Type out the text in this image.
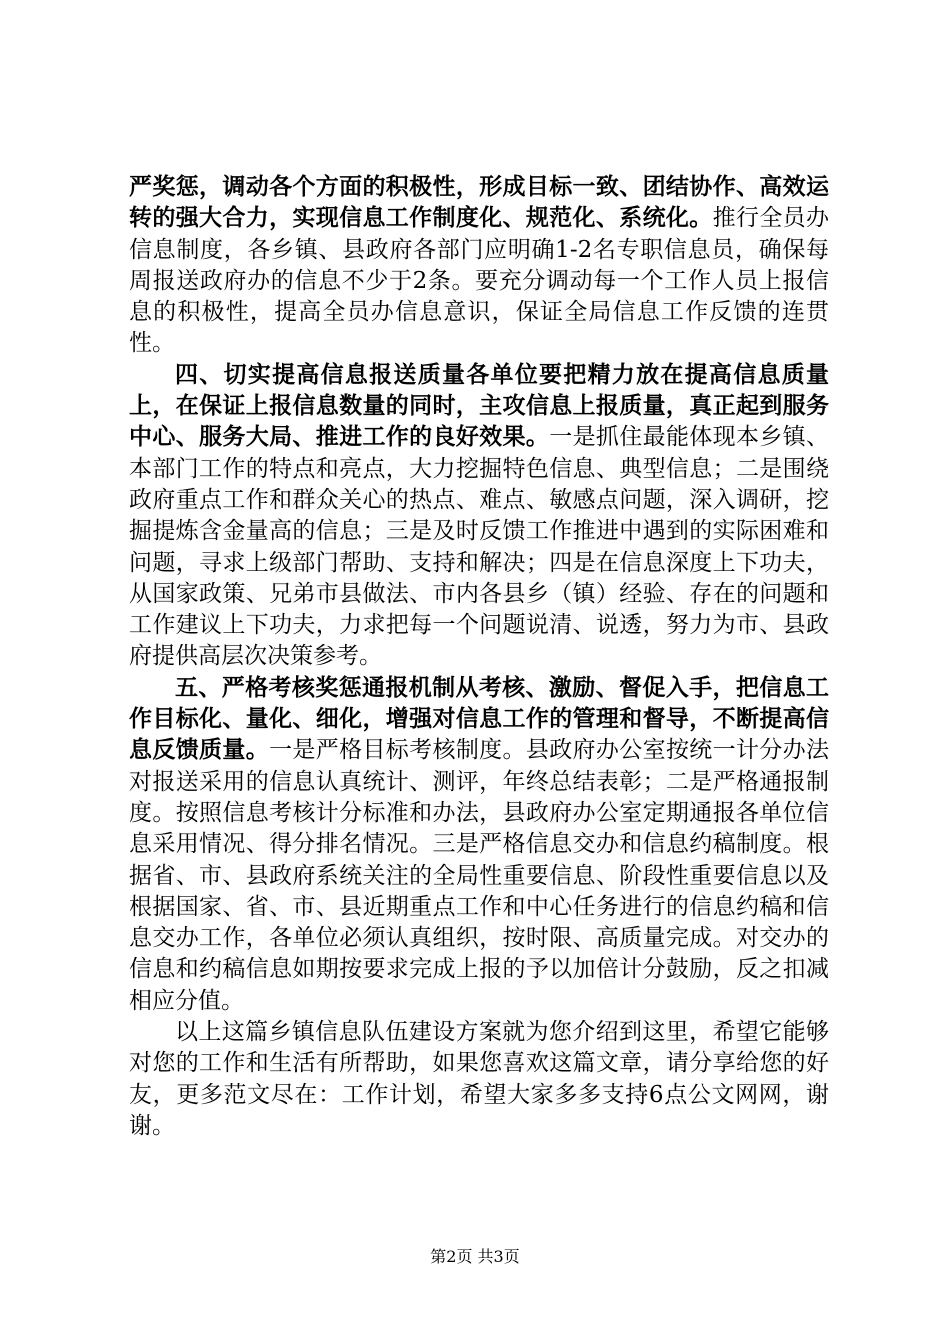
严奖惩，调动各个方面的积极性，形成目标一致、团结协作、高效运转的强大合力，实现信息工作制度化、规范化、系统化。推行全员办信息制度，各乡镇、县政府各部门应明确1-2名专职信息员，确保每周报送政府办的信息不少于2条。要充分调动每一个工作人员上报信息的积极性，提高全员办信息意识，保证全局信息工作反馈的连贯性。

四、切实提高信息报送质量各单位要把精力放在提高信息质量上，在保证上报信息数量的同时，主攻信息上报质量，真正起到服务中心、服务大局、推进工作的良好效果。一是抓住最能体现本乡镇、本部门工作的特点和亮点，大力挖掘特色信息、典型信息；二是围绕政府重点工作和群众关心的热点、难点、敏感点问题，深入调研，挖掘提炼含金量高的信息；三是及时反馈工作推进中遇到的实际困难和问题，寻求上级部门帮助、支持和解决；四是在信息深度上下功夫，从国家政策、兄弟市县做法、市内各县乡（镇）经验、存在的问题和工作建议上下功夫，力求把每一个问题说清、说透，努力为市、县政府提供高层次决策参考。

五、严格考核奖惩通报机制从考核、激励、督促入手，把信息工作目标化、量化、细化，增强对信息工作的管理和督导，不断提高信息反馈质量。一是严格目标考核制度。县政府办公室按统一计分办法对报送采用的信息认真统计、测评，年终总结表彰；二是严格通报制度。按照信息考核计分标准和办法，县政府办公室定期通报各单位信息采用情况、得分排名情况。三是严格信息交办和信息约稿制度。根据省、市、县政府系统关注的全局性重要信息、阶段性重要信息以及根据国家、省、市、县近期重点工作和中心任务进行的信息约稿和信息交办工作，各单位必须认真组织，按时限、高质量完成。对交办的信息和约稿信息如期按要求完成上报的予以加倍计分鼓励，反之扣减相应分值。

以上这篇乡镇信息队伍建设方案就为您介绍到这里，希望它能够对您的工作和生活有所帮助，如果您喜欢这篇文章，请分享给您的好友，更多范文尽在：工作计划，希望大家多多支持6点公文网网，谢谢。

第2页 共3页
